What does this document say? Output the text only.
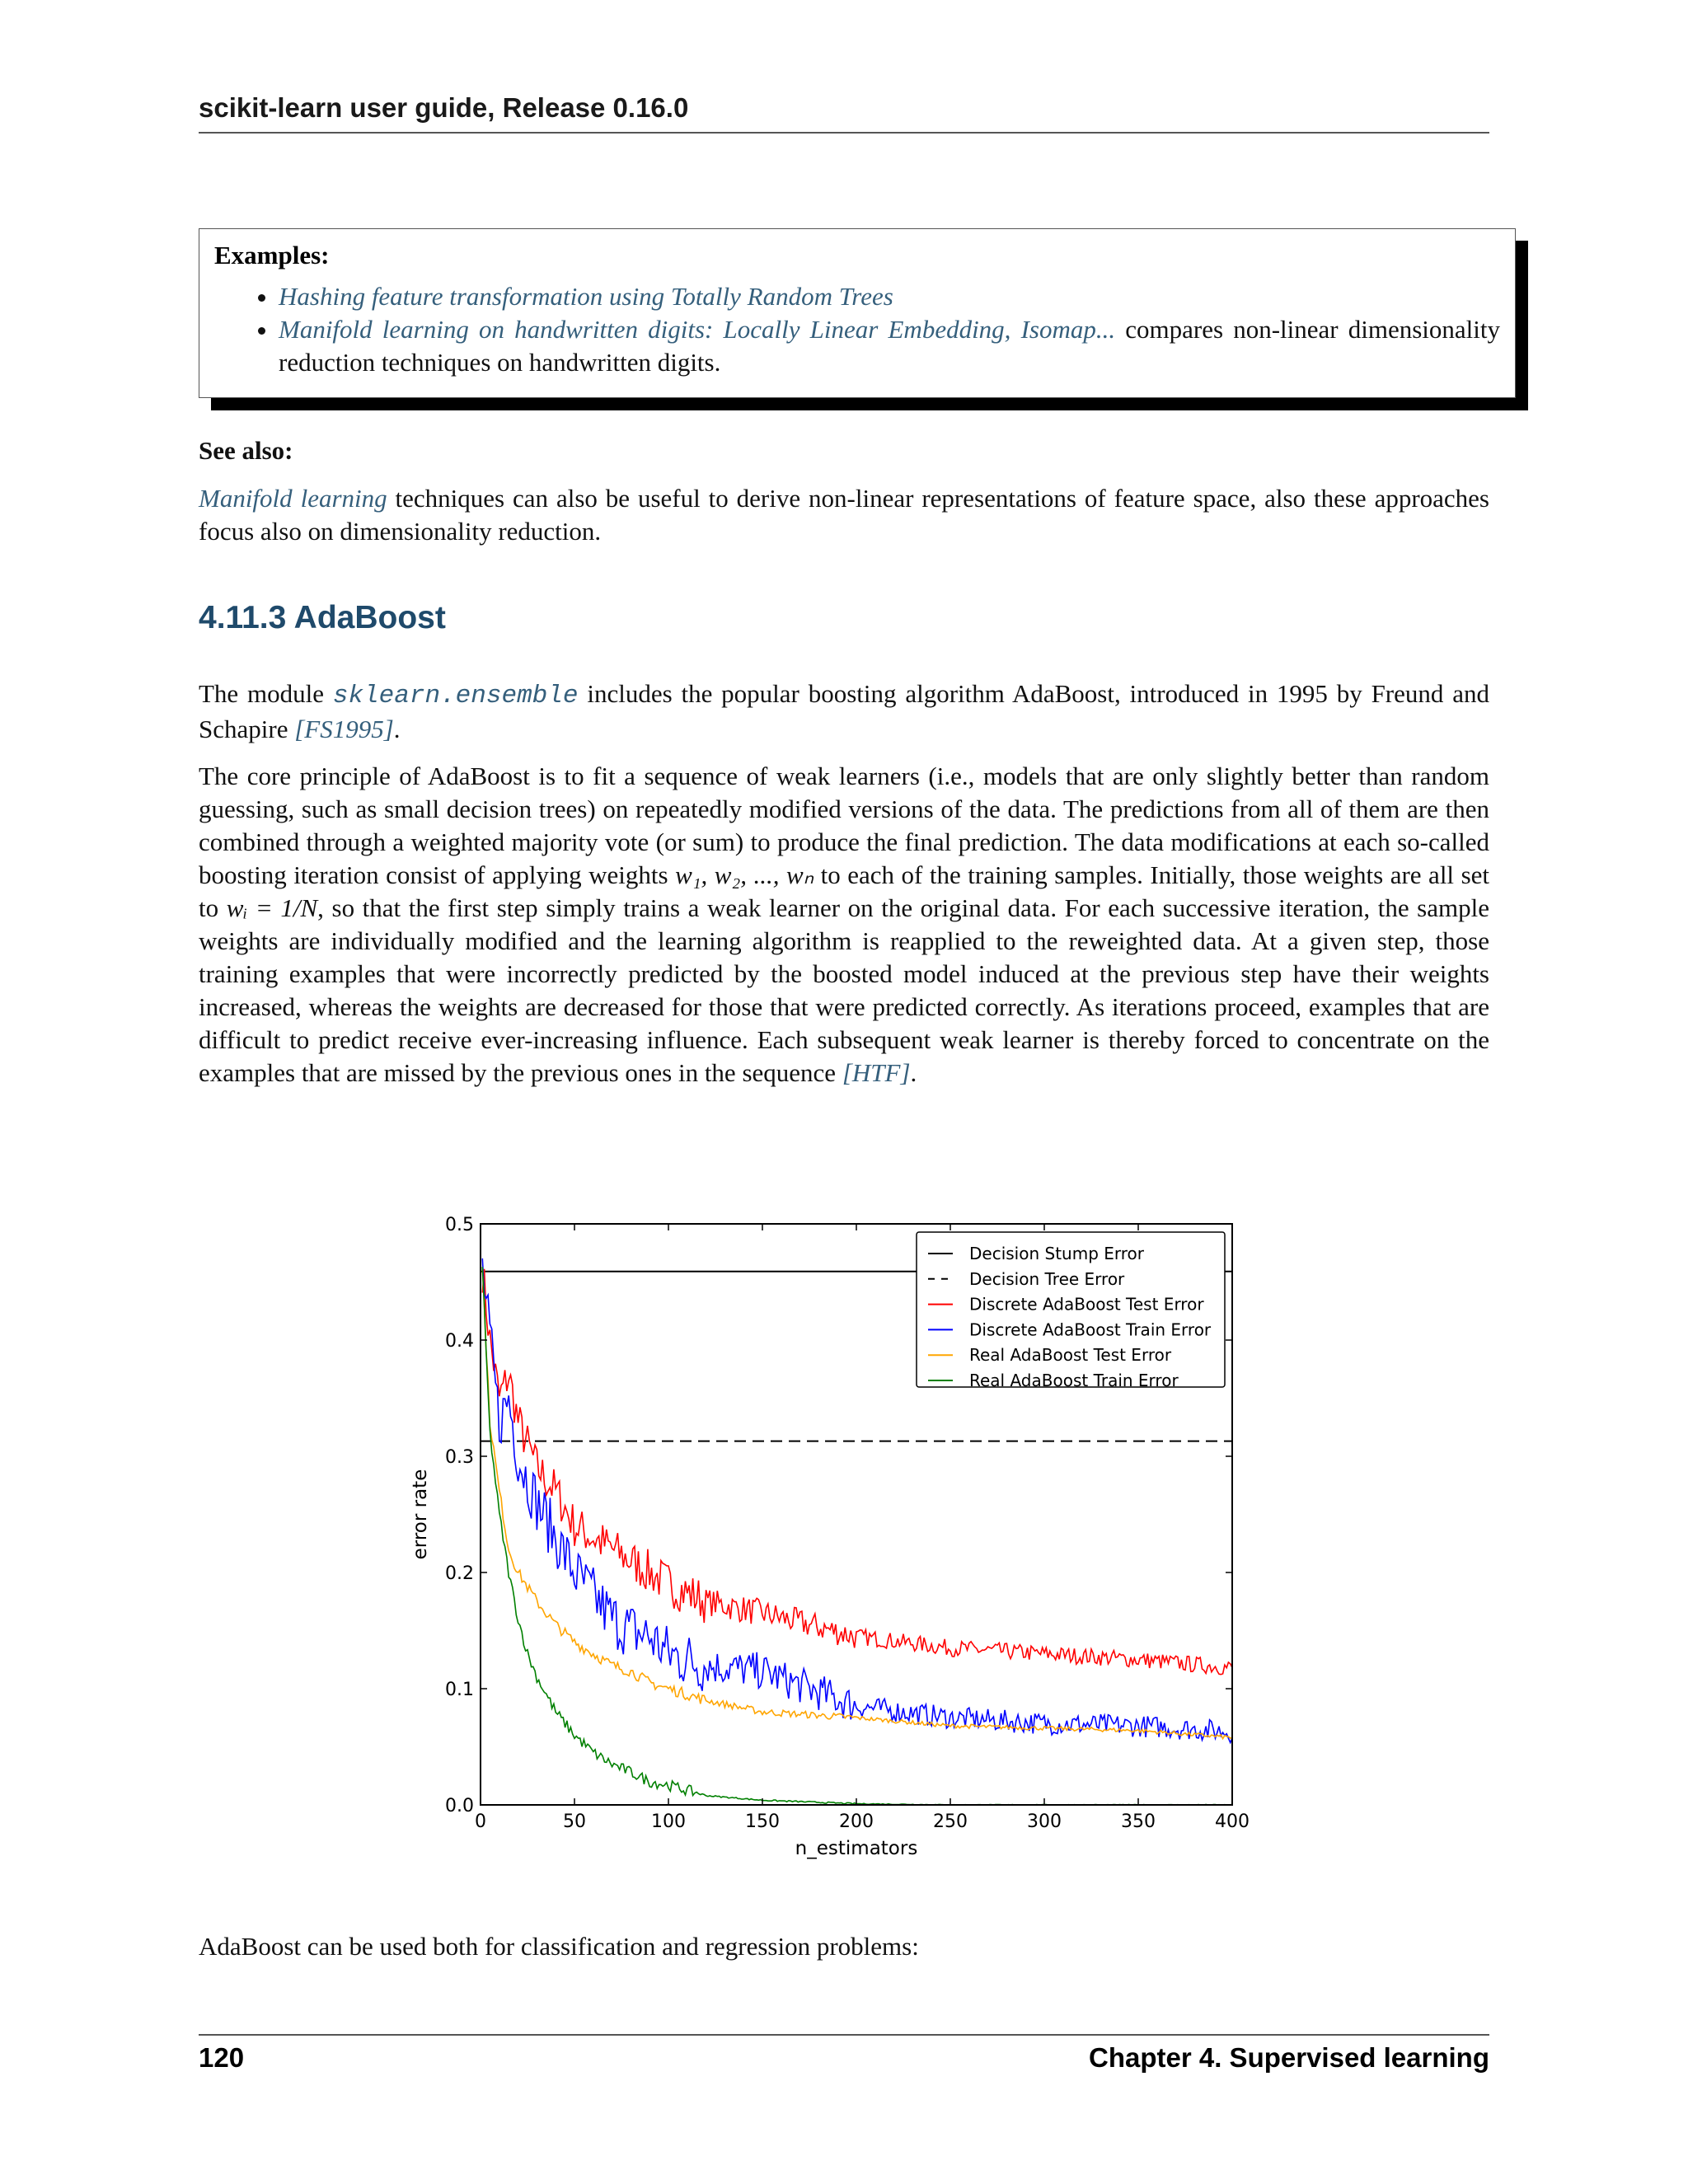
scikit-learn user guide, Release 0.16.0
Examples:
• Hashing feature transformation using Totally Random Trees
• Manifold learning on handwritten digits: Locally Linear Embedding, Isomap... compares non-linear dimensionality reduction techniques on handwritten digits.

See also:

Manifold learning techniques can also be useful to derive non-linear representations of feature space, also these approaches focus also on dimensionality reduction.

4.11.3 AdaBoost

The module sklearn.ensemble includes the popular boosting algorithm AdaBoost, introduced in 1995 by Freund and Schapire [FS1995].

The core principle of AdaBoost is to fit a sequence of weak learners (i.e., models that are only slightly better than random guessing, such as small decision trees) on repeatedly modified versions of the data. The predictions from all of them are then combined through a weighted majority vote (or sum) to produce the final prediction. The data modifications at each so-called boosting iteration consist of applying weights w₁, w₂, ..., wₙ to each of the training samples. Initially, those weights are all set to wᵢ = 1/N, so that the first step simply trains a weak learner on the original data. For each successive iteration, the sample weights are individually modified and the learning algorithm is reapplied to the reweighted data. At a given step, those training examples that were incorrectly predicted by the boosted model induced at the previous step have their weights increased, whereas the weights are decreased for those that were predicted correctly. As iterations proceed, examples that are difficult to predict receive ever-increasing influence. Each subsequent weak learner is thereby forced to concentrate on the examples that are missed by the previous ones in the sequence [HTF].

0	50	100	150	200	250	300	350	400
0.0
0.1
0.2
0.3
0.4
0.5
n_estimators
error rate
Decision Stump Error
Decision Tree Error
Discrete AdaBoost Test Error
Discrete AdaBoost Train Error
Real AdaBoost Test Error
Real AdaBoost Train Error

AdaBoost can be used both for classification and regression problems:

120	Chapter 4. Supervised learning
